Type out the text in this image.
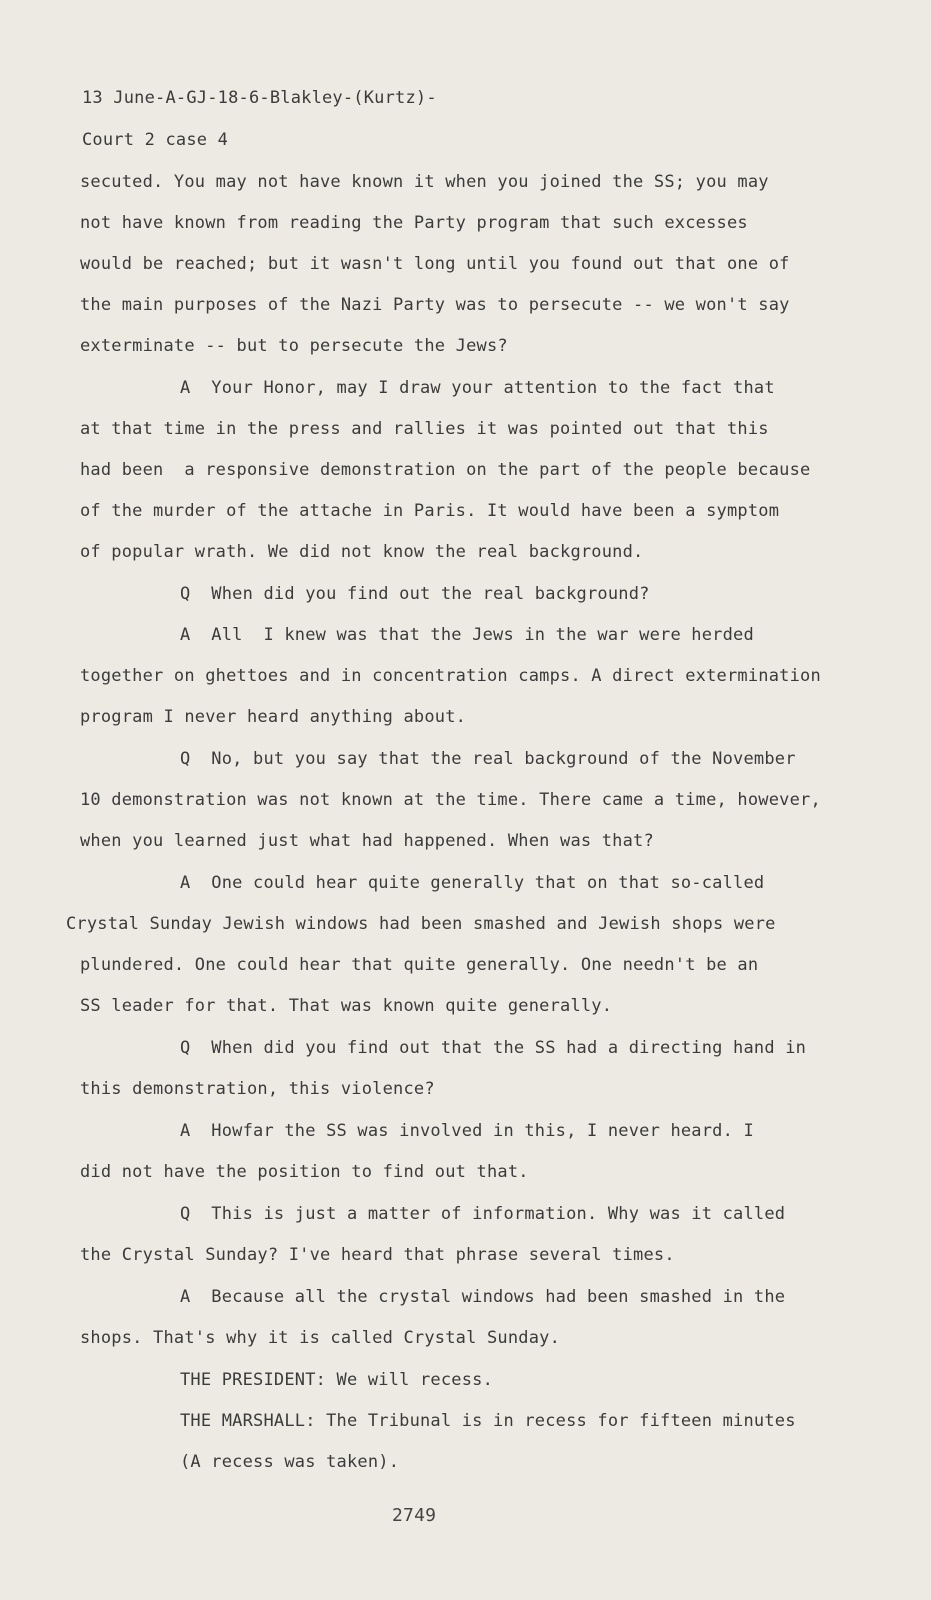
13 June-A-GJ-18-6-Blakley-(Kurtz)-
Court 2 case 4
secuted. You may not have known it when you joined the SS; you may
not have known from reading the Party program that such excesses
would be reached; but it wasn't long until you found out that one of
the main purposes of the Nazi Party was to persecute -- we won't say
exterminate -- but to persecute the Jews?
A  Your Honor, may I draw your attention to the fact that
at that time in the press and rallies it was pointed out that this
had been  a responsive demonstration on the part of the people because
of the murder of the attache in Paris. It would have been a symptom
of popular wrath. We did not know the real background.
Q  When did you find out the real background?
A  All  I knew was that the Jews in the war were herded
together on ghettoes and in concentration camps. A direct extermination
program I never heard anything about.
Q  No, but you say that the real background of the November
10 demonstration was not known at the time. There came a time, however,
when you learned just what had happened. When was that?
A  One could hear quite generally that on that so-called
Crystal Sunday Jewish windows had been smashed and Jewish shops were
plundered. One could hear that quite generally. One needn't be an
SS leader for that. That was known quite generally.
Q  When did you find out that the SS had a directing hand in
this demonstration, this violence?
A  Howfar the SS was involved in this, I never heard. I
did not have the position to find out that.
Q  This is just a matter of information. Why was it called
the Crystal Sunday? I've heard that phrase several times.
A  Because all the crystal windows had been smashed in the
shops. That's why it is called Crystal Sunday.
THE PRESIDENT: We will recess.
THE MARSHALL: The Tribunal is in recess for fifteen minutes
(A recess was taken).
2749
